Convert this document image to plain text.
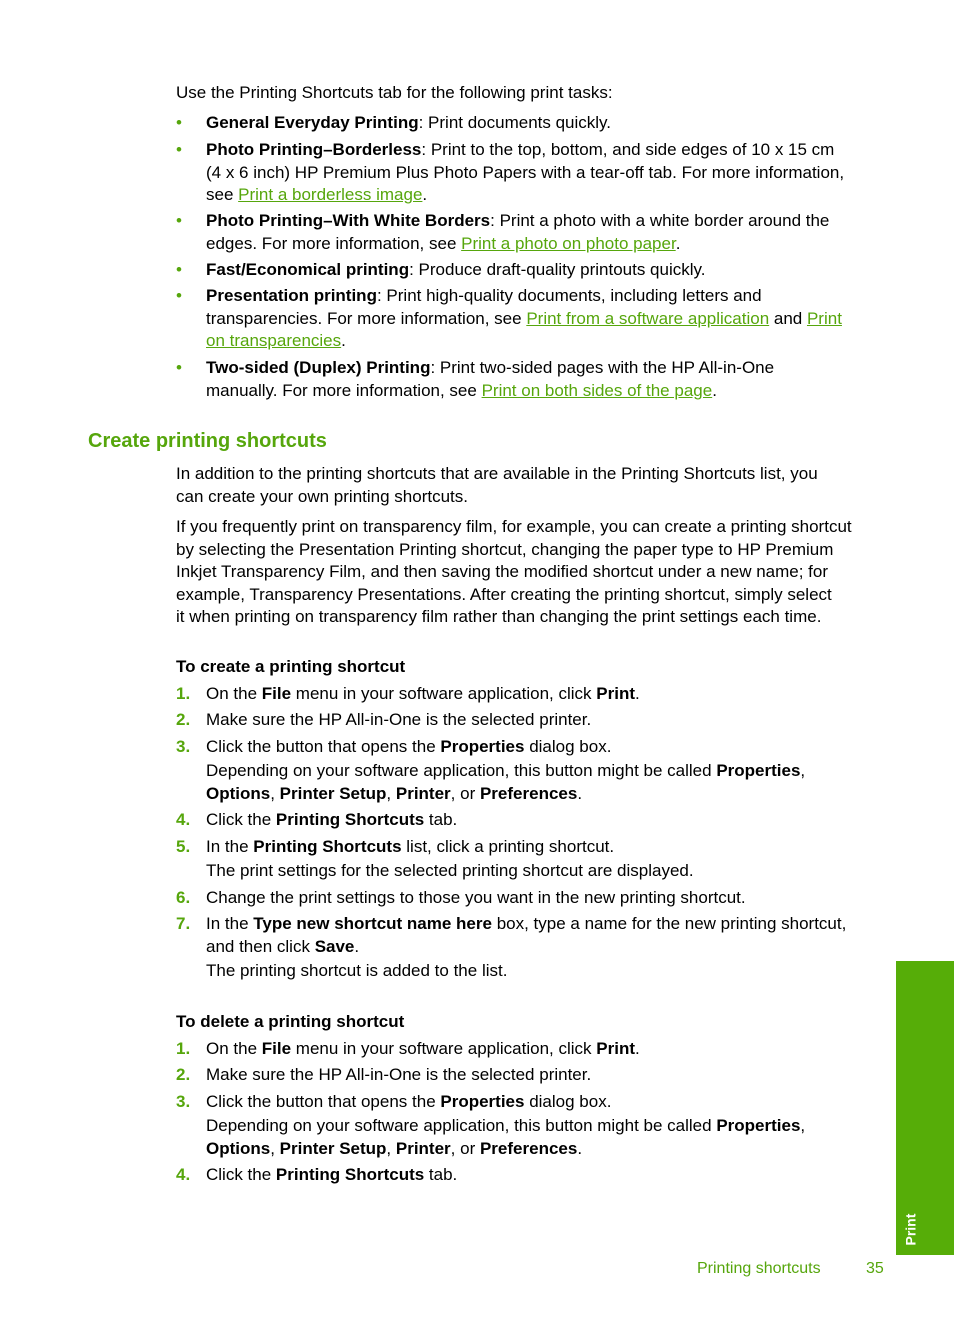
Use the Printing Shortcuts tab for the following print tasks:
• General Everyday Printing: Print documents quickly.
• Photo Printing–Borderless: Print to the top, bottom, and side edges of 10 x 15 cm
(4 x 6 inch) HP Premium Plus Photo Papers with a tear-off tab. For more information,
see Print a borderless image.
• Photo Printing–With White Borders: Print a photo with a white border around the
edges. For more information, see Print a photo on photo paper.
• Fast/Economical printing: Produce draft-quality printouts quickly.
• Presentation printing: Print high-quality documents, including letters and
transparencies. For more information, see Print from a software application and Print
on transparencies.
• Two-sided (Duplex) Printing: Print two-sided pages with the HP All-in-One
manually. For more information, see Print on both sides of the page.
Create printing shortcuts
In addition to the printing shortcuts that are available in the Printing Shortcuts list, you
can create your own printing shortcuts.
If you frequently print on transparency film, for example, you can create a printing shortcut
by selecting the Presentation Printing shortcut, changing the paper type to HP Premium
Inkjet Transparency Film, and then saving the modified shortcut under a new name; for
example, Transparency Presentations. After creating the printing shortcut, simply select
it when printing on transparency film rather than changing the print settings each time.
To create a printing shortcut
1. On the File menu in your software application, click Print.
2. Make sure the HP All-in-One is the selected printer.
3. Click the button that opens the Properties dialog box.
Depending on your software application, this button might be called Properties,
Options, Printer Setup, Printer, or Preferences.
4. Click the Printing Shortcuts tab.
5. In the Printing Shortcuts list, click a printing shortcut.
The print settings for the selected printing shortcut are displayed.
6. Change the print settings to those you want in the new printing shortcut.
7. In the Type new shortcut name here box, type a name for the new printing shortcut,
and then click Save.
The printing shortcut is added to the list.
To delete a printing shortcut
1. On the File menu in your software application, click Print.
2. Make sure the HP All-in-One is the selected printer.
3. Click the button that opens the Properties dialog box.
Depending on your software application, this button might be called Properties,
Options, Printer Setup, Printer, or Preferences.
4. Click the Printing Shortcuts tab.
Print
Printing shortcuts	35
